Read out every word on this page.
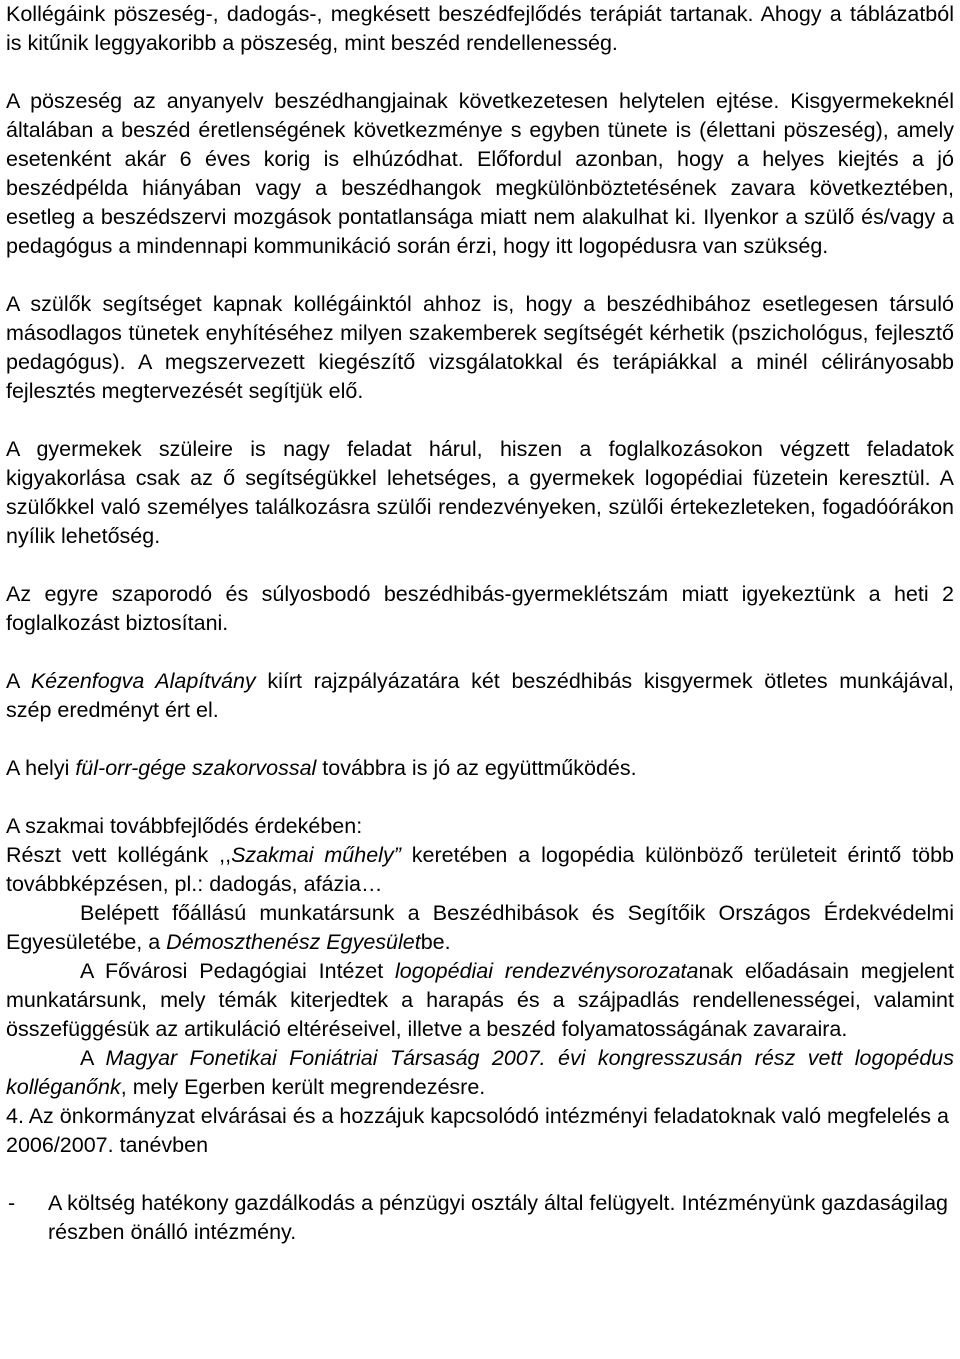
Kollégáink pöszeség-, dadogás-, megkésett beszédfejlődés terápiát tartanak. Ahogy a táblázatból is kitűnik leggyakoribb a pöszeség, mint beszéd rendellenesség.

A pöszeség az anyanyelv beszédhangjainak következetesen helytelen ejtése. Kisgyermekeknél általában a beszéd éretlenségének következménye s egyben tünete is (élettani pöszeség), amely esetenként akár 6 éves korig is elhúzódhat. Előfordul azonban, hogy a helyes kiejtés a jó beszédpélda hiányában vagy a beszédhangok megkülönböztetésének zavara következtében, esetleg a beszédszervi mozgások pontatlansága miatt nem alakulhat ki. Ilyenkor a szülő és/vagy a pedagógus a mindennapi kommunikáció során érzi, hogy itt logopédusra van szükség.

A szülők segítséget kapnak kollégáinktól ahhoz is, hogy a beszédhibához esetlegesen társuló másodlagos tünetek enyhítéséhez milyen szakemberek segítségét kérhetik (pszichológus, fejlesztő pedagógus). A megszervezett kiegészítő vizsgálatokkal és terápiákkal a minél célirányosabb fejlesztés megtervezését segítjük elő.

A gyermekek szüleire is nagy feladat hárul, hiszen a foglalkozásokon végzett feladatok kigyakorlása csak az ő segítségükkel lehetséges, a gyermekek logopédiai füzetein keresztül. A szülőkkel való személyes találkozásra szülői rendezvényeken, szülői értekezleteken, fogadóórákon nyílik lehetőség.

Az egyre szaporodó és súlyosbodó beszédhibás-gyermeklétszám miatt igyekeztünk a heti 2 foglalkozást biztosítani.

A Kézenfogva Alapítvány kiírt rajzpályázatára két beszédhibás kisgyermek ötletes munkájával, szép eredményt ért el.

A helyi fül-orr-gége szakorvossal továbbra is jó az együttműködés.

A szakmai továbbfejlődés érdekében:

Részt vett kollégánk ,,Szakmai műhely” keretében a logopédia különböző területeit érintő több továbbképzésen, pl.: dadogás, afázia…

Belépett főállású munkatársunk a Beszédhibások és Segítőik Országos Érdekvédelmi Egyesületébe, a Démoszthenész Egyesületbe.

A Fővárosi Pedagógiai Intézet logopédiai rendezvénysorozatanak előadásain megjelent munkatársunk, mely témák kiterjedtek a harapás és a szájpadlás rendellenességei, valamint összefüggésük az artikuláció eltéréseivel, illetve a beszéd folyamatosságának zavaraira.

A Magyar Fonetikai Foniátriai Társaság 2007. évi kongresszusán rész vett logopédus kolléganőnk, mely Egerben került megrendezésre.

4. Az önkormányzat elvárásai és a hozzájuk kapcsolódó intézményi feladatoknak való megfelelés a 2006/2007. tanévben

-	A költség hatékony gazdálkodás a pénzügyi osztály által felügyelt. Intézményünk gazdaságilag részben önálló intézmény.
